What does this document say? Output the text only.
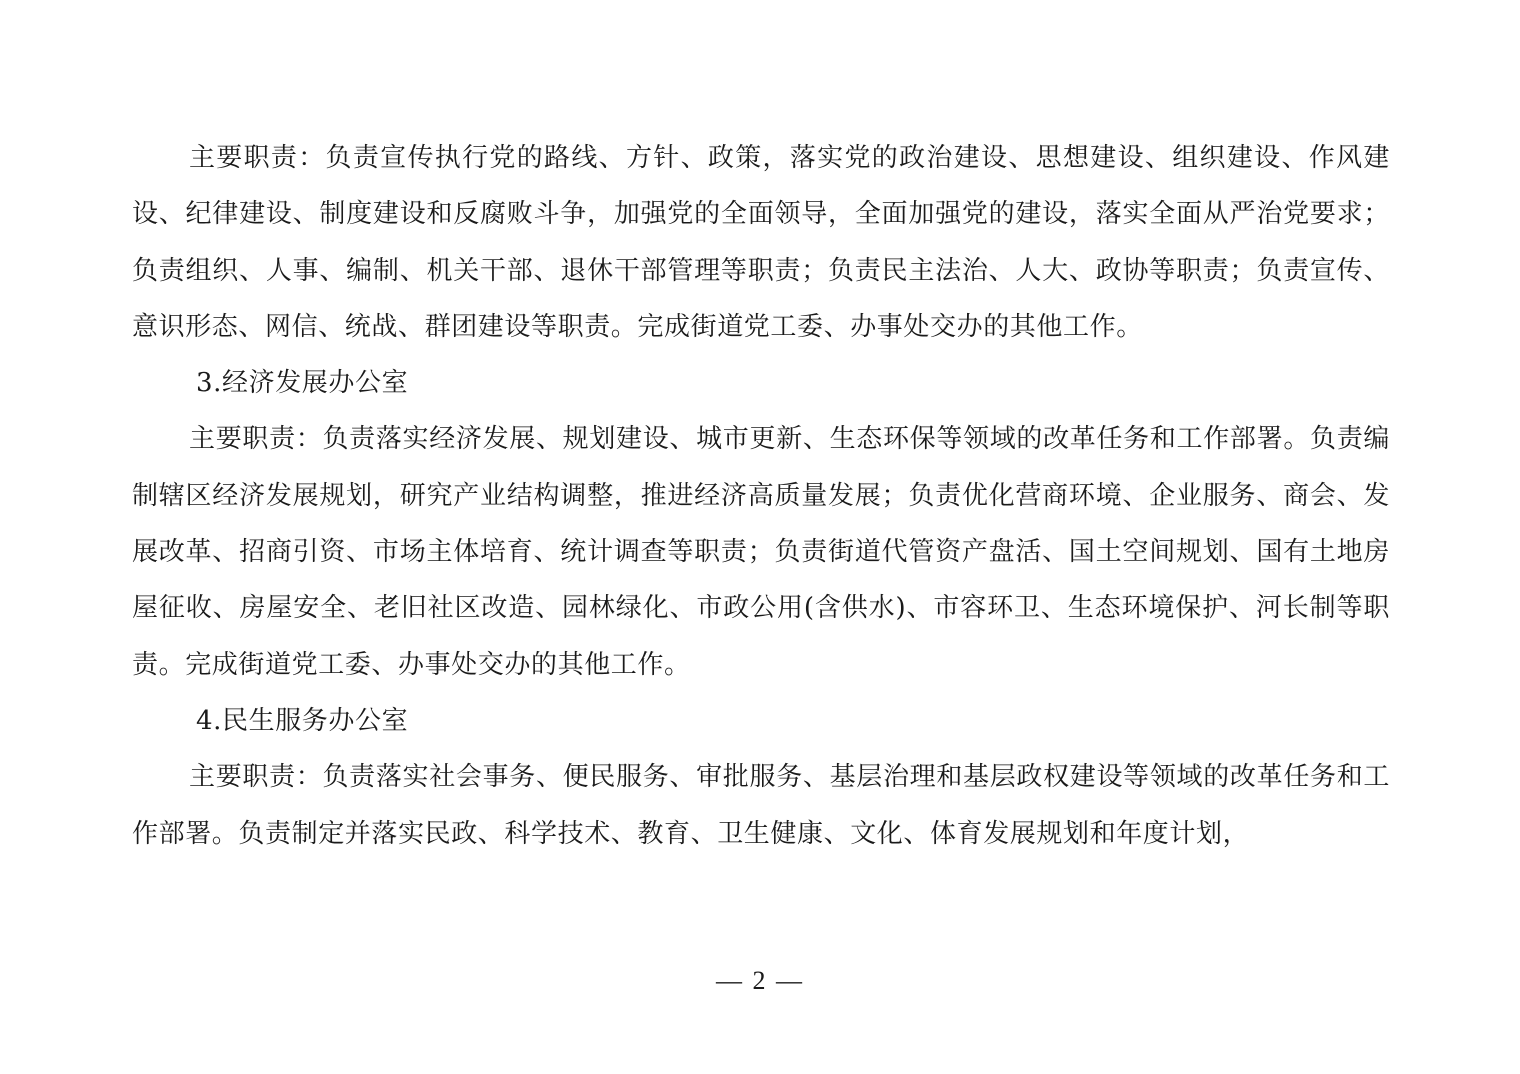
主要职责：负责宣传执行党的路线、方针、政策，落实党的政治建设、思想建设、组织建设、作风建设、纪律建设、制度建设和反腐败斗争，加强党的全面领导，全面加强党的建设，落实全面从严治党要求；负责组织、人事、编制、机关干部、退休干部管理等职责；负责民主法治、人大、政协等职责；负责宣传、意识形态、网信、统战、群团建设等职责。完成街道党工委、办事处交办的其他工作。

3.经济发展办公室

主要职责：负责落实经济发展、规划建设、城市更新、生态环保等领域的改革任务和工作部署。负责编制辖区经济发展规划，研究产业结构调整，推进经济高质量发展；负责优化营商环境、企业服务、商会、发展改革、招商引资、市场主体培育、统计调查等职责；负责街道代管资产盘活、国土空间规划、国有土地房屋征收、房屋安全、老旧社区改造、园林绿化、市政公用(含供水)、市容环卫、生态环境保护、河长制等职责。完成街道党工委、办事处交办的其他工作。

4.民生服务办公室

主要职责：负责落实社会事务、便民服务、审批服务、基层治理和基层政权建设等领域的改革任务和工作部署。负责制定并落实民政、科学技术、教育、卫生健康、文化、体育发展规划和年度计划，

— 2 —
